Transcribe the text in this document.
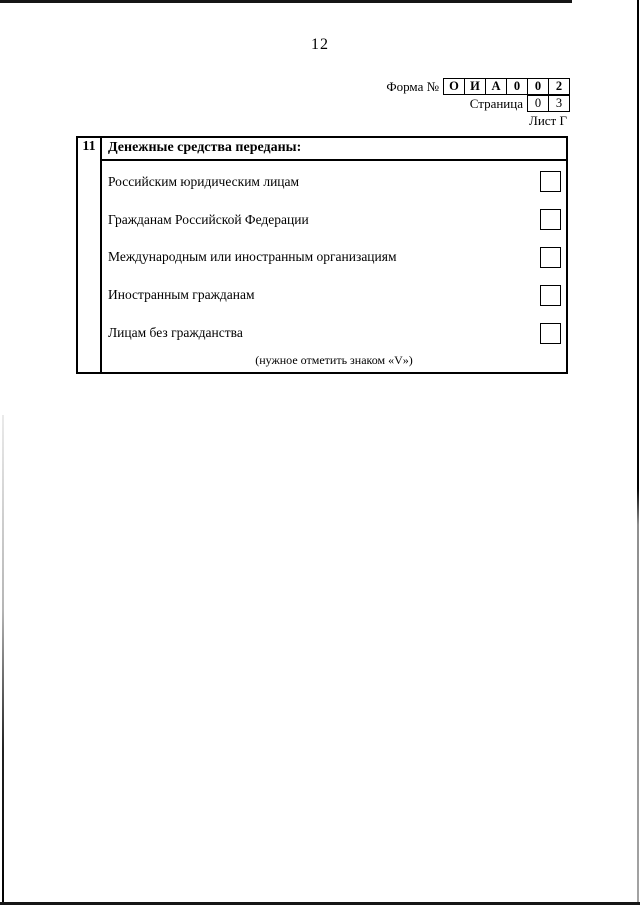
12
Форма № О И А	0	0	2
Страница 0	3
Лист Г
11 Денежные средства переданы:
Российским юридическим лицам
Гражданам Российской Федерации
Международным или иностранным организациям
Иностранным гражданам
Лицам без гражданства
(нужное отметить знаком «V»)
